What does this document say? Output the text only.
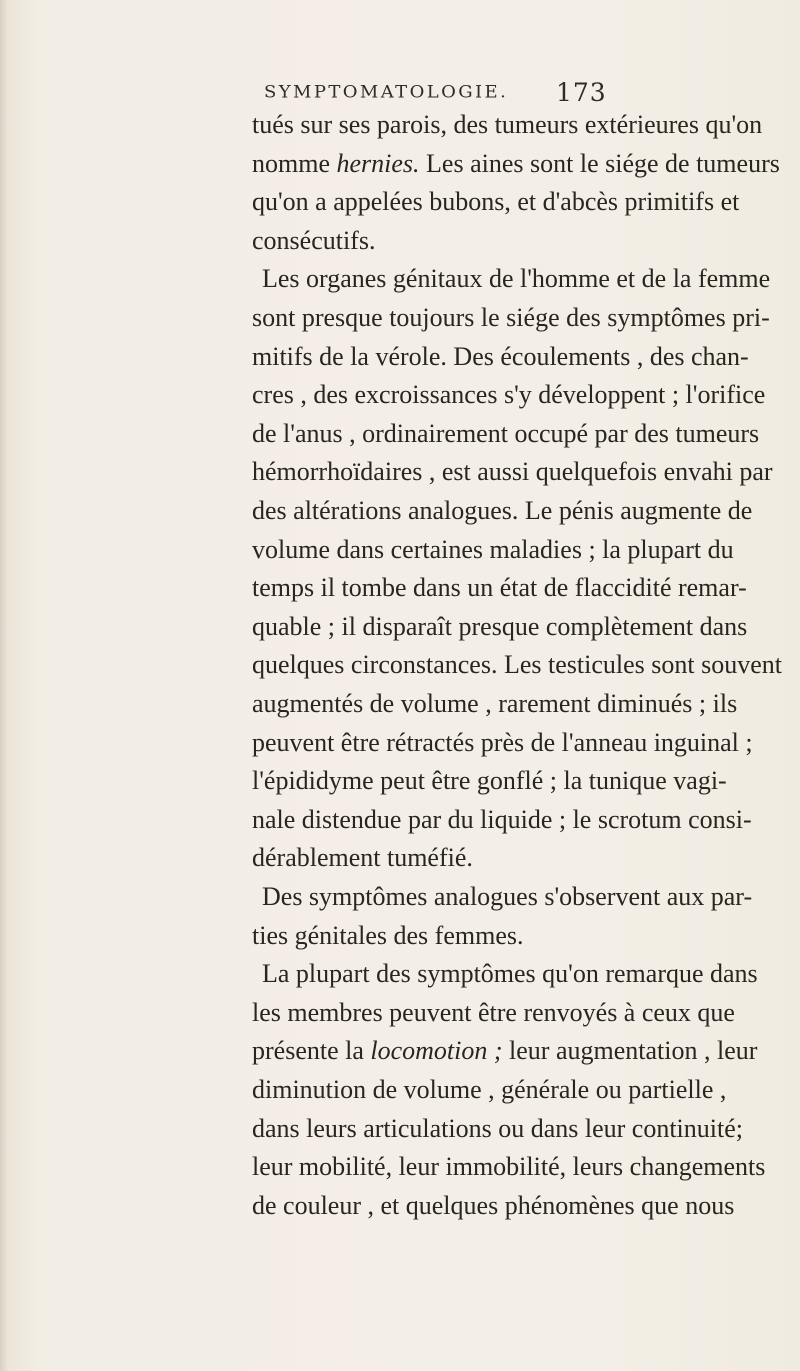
SYMPTOMATOLOGIE. 173
tués sur ses parois, des tumeurs extérieures qu'on
nomme hernies. Les aines sont le siége de tumeurs
qu'on a appelées bubons, et d'abcès primitifs et
consécutifs.
Les organes génitaux de l'homme et de la femme
sont presque toujours le siége des symptômes pri-
mitifs de la vérole. Des écoulements , des chan-
cres , des excroissances s'y développent ; l'orifice
de l'anus , ordinairement occupé par des tumeurs
hémorrhoïdaires , est aussi quelquefois envahi par
des altérations analogues. Le pénis augmente de
volume dans certaines maladies ; la plupart du
temps il tombe dans un état de flaccidité remar-
quable ; il disparaît presque complètement dans
quelques circonstances. Les testicules sont souvent
augmentés de volume , rarement diminués ; ils
peuvent être rétractés près de l'anneau inguinal ;
l'épididyme peut être gonflé ; la tunique vagi-
nale distendue par du liquide ; le scrotum consi-
dérablement tuméfié.
Des symptômes analogues s'observent aux par-
ties génitales des femmes.
La plupart des symptômes qu'on remarque dans
les membres peuvent être renvoyés à ceux que
présente la locomotion ; leur augmentation , leur
diminution de volume , générale ou partielle ,
dans leurs articulations ou dans leur continuité;
leur mobilité, leur immobilité, leurs changements
de couleur , et quelques phénomènes que nous
